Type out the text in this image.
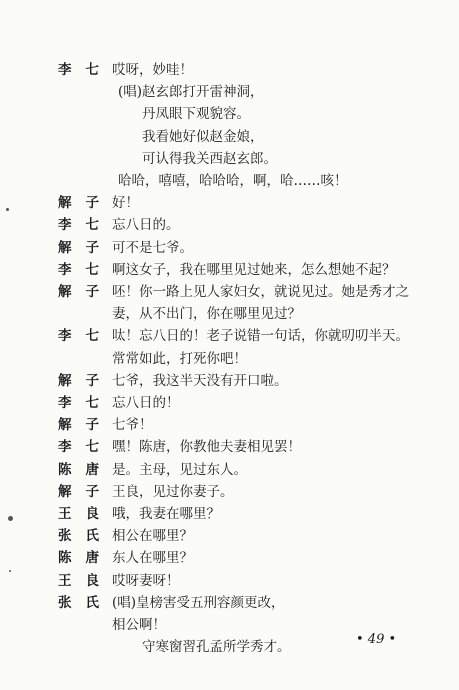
李七 哎呀，妙哇！
(唱)赵玄郎打开雷神洞，
丹凤眼下观貌容。
我看她好似赵金娘，
可认得我关西赵玄郎。
哈哈，嘻嘻，哈哈哈，啊，哈……咳！
解子 好！
李七 忘八日的。
解子 可不是七爷。
李七 啊这女子，我在哪里见过她来，怎么想她不起？
解子 呸！你一路上见人家妇女，就说见过。她是秀才之
妻，从不出门，你在哪里见过？
李七 呔！忘八日的！老子说错一句话，你就叨叨半天。
常常如此，打死你吧！
解子 七爷，我这半天没有开口啦。
李七 忘八日的！
解子 七爷！
李七 嘿！陈唐，你教他夫妻相见罢！
陈唐 是。主母，见过东人。
解子 王良，见过你妻子。
王良 哦，我妻在哪里？
张氏 相公在哪里？
陈唐 东人在哪里？
王良 哎呀妻呀！
张氏 (唱)皇榜害受五刑容颜更改，
相公啊！
守寒窗習孔孟所学秀才。	• 49 •
